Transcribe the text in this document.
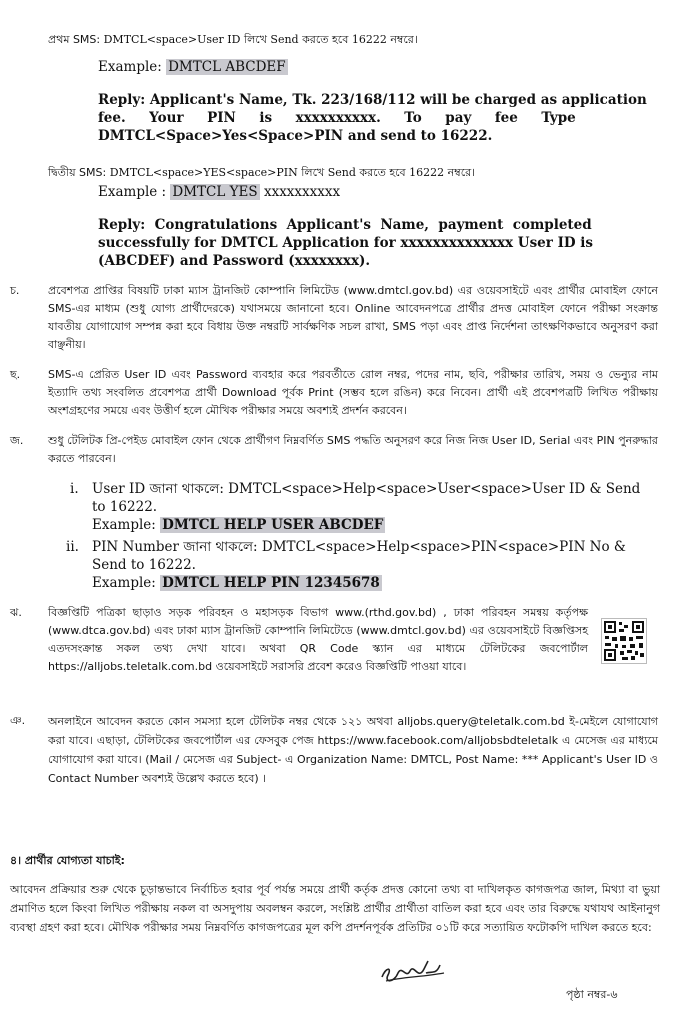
প্রথম SMS: DMTCL<space>User ID লিখে Send করতে হবে 16222 নম্বরে।
Example: DMTCL ABCDEF
Reply: Applicant's Name, Tk. 223/168/112 will be charged as application
fee.     Your     PIN     is     xxxxxxxxxx.     To     pay     fee     Type
DMTCL<Space>Yes<Space>PIN and send to 16222.
দ্বিতীয় SMS: DMTCL<space>YES<space>PIN লিখে Send করতে হবে 16222 নম্বরে।
Example : DMTCL YES xxxxxxxxxx
Reply:  Congratulations  Applicant's  Name,  payment  completed
successfully for DMTCL Application for xxxxxxxxxxxxxx User ID is
(ABCDEF) and Password (xxxxxxxx).
চ.	প্রবেশপত্র প্রাপ্তির বিষয়টি ঢাকা ম্যাস ট্রানজিট কোম্পানি লিমিটেড (www.dmtcl.gov.bd) এর ওয়েবসাইটে এবং প্রার্থীর মোবাইল ফোনে SMS-এর মাধ্যম (শুধু যোগ্য প্রার্থীদেরকে) যথাসময়ে জানানো হবে। Online আবেদনপত্রে প্রার্থীর প্রদত্ত মোবাইল ফোনে পরীক্ষা সংক্রান্ত যাবতীয় যোগাযোগ সম্পন্ন করা হবে বিধায় উক্ত নম্বরটি সার্বক্ষণিক সচল রাখা, SMS পড়া এবং প্রাপ্ত নির্দেশনা তাৎক্ষণিকভাবে অনুসরণ করা বাঞ্ছনীয়।
ছ.	SMS-এ প্রেরিত User ID এবং Password ব্যবহার করে পরবর্তীতে রোল নম্বর, পদের নাম, ছবি, পরীক্ষার তারিখ, সময় ও ভেন্যুর নাম ইত্যাদি তথ্য সংবলিত প্রবেশপত্র প্রার্থী Download পূর্বক Print (সম্ভব হলে রঙিন) করে নিবেন। প্রার্থী এই প্রবেশপত্রটি লিখিত পরীক্ষায় অংশগ্রহণের সময়ে এবং উত্তীর্ণ হলে মৌখিক পরীক্ষার সময়ে অবশ্যই প্রদর্শন করবেন।
জ. শুধু টেলিটক প্রি-পেইড মোবাইল ফোন থেকে প্রার্থীগণ নিম্নবর্ণিত SMS পদ্ধতি অনুসরণ করে নিজ নিজ User ID, Serial এবং PIN পুনরুদ্ধার করতে পারবেন।
i. User ID জানা থাকলে: DMTCL<space>Help<space>User<space>User ID & Send
to 16222.
Example: DMTCL HELP USER ABCDEF
ii. PIN Number জানা থাকলে: DMTCL<space>Help<space>PIN<space>PIN No &
Send to 16222.
Example: DMTCL HELP PIN 12345678
ঝ. বিজ্ঞপ্তিটি পত্রিকা ছাড়াও সড়ক পরিবহন ও মহাসড়ক বিভাগ www.(rthd.gov.bd) , ঢাকা পরিবহন সমন্বয় কর্তৃপক্ষ (www.dtca.gov.bd) এবং ঢাকা ম্যাস ট্রানজিট কোম্পানি লিমিটেডে (www.dmtcl.gov.bd) এর ওয়েবসাইটে বিজ্ঞপ্তিসহ এতদসংক্রান্ত সকল তথ্য দেখা যাবে। অথবা QR Code স্ক্যান এর মাধ্যমে টেলিটকের জবপোর্টাল https://alljobs.teletalk.com.bd ওয়েবসাইটে সরাসরি প্রবেশ করেও বিজ্ঞপ্তিটি পাওয়া যাবে।
ঞ. অনলাইনে আবেদন করতে কোন সমস্যা হলে টেলিটক নম্বর থেকে ১২১ অথবা alljobs.query@teletalk.com.bd ই-মেইলে যোগাযোগ করা যাবে। এছাড়া, টেলিটকের জবপোর্টাল এর ফেসবুক পেজ https://www.facebook.com/alljobsbdteletalk এ মেসেজ এর মাধ্যমে যোগাযোগ করা যাবে। (Mail / মেসেজ এর Subject- এ Organization Name: DMTCL, Post Name: *** Applicant's User ID ও Contact Number অবশ্যই উল্লেখ করতে হবে) ।
৪। প্রার্থীর যোগ্যতা যাচাই:
আবেদন প্রক্রিয়ার শুরু থেকে চূড়ান্তভাবে নির্বাচিত হবার পূর্ব পর্যন্ত সময়ে প্রার্থী কর্তৃক প্রদত্ত কোনো তথ্য বা দাখিলকৃত কাগজপত্র জাল, মিথ্যা বা ভুয়া প্রমাণিত হলে কিংবা লিখিত পরীক্ষায় নকল বা অসদুপায় অবলম্বন করলে, সংশ্লিষ্ট প্রার্থীর প্রার্থীতা বাতিল করা হবে এবং তার বিরুদ্ধে যথাযথ আইনানুগ ব্যবস্থা গ্রহণ করা হবে। মৌখিক পরীক্ষার সময় নিম্নবর্ণিত কাগজপত্রের মূল কপি প্রদর্শনপূর্বক প্রতিটির ০১টি করে সত্যায়িত ফটোকপি দাখিল করতে হবে:
পৃষ্ঠা নম্বর-৬
